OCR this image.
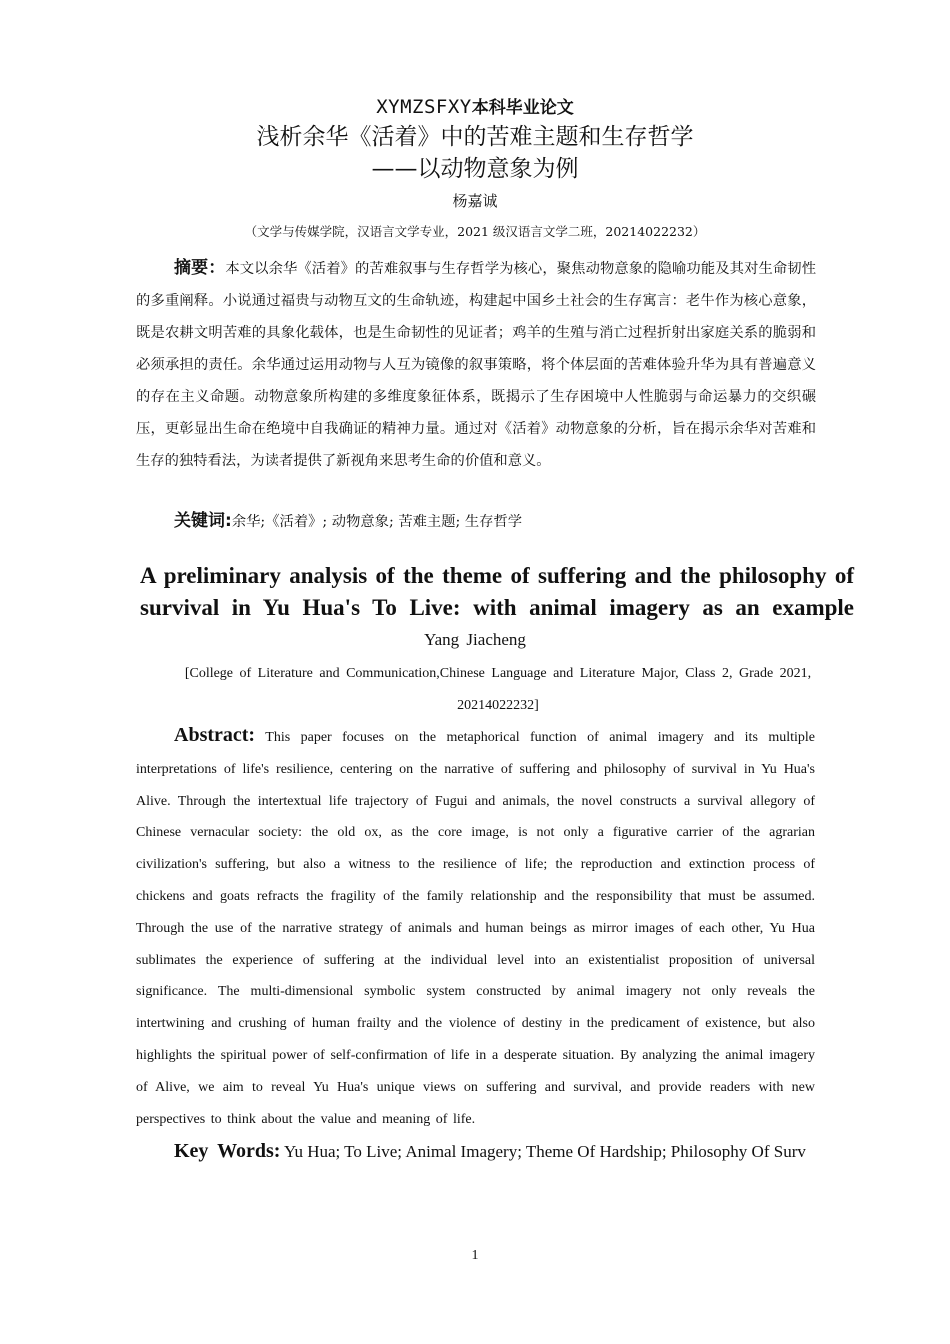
XYMZSFXY本科毕业论文
浅析余华《活着》中的苦难主题和生存哲学
——以动物意象为例
杨嘉诚
（文学与传媒学院，汉语言文学专业，2021 级汉语言文学二班，20214022232）

摘要：本文以余华《活着》的苦难叙事与生存哲学为核心，聚焦动物意象的隐喻功能及其对生命韧性的多重阐释。小说通过福贵与动物互文的生命轨迹，构建起中国乡土社会的生存寓言：老牛作为核心意象，既是农耕文明苦难的具象化载体，也是生命韧性的见证者；鸡羊的生殖与消亡过程折射出家庭关系的脆弱和必须承担的责任。余华通过运用动物与人互为镜像的叙事策略，将个体层面的苦难体验升华为具有普遍意义的存在主义命题。动物意象所构建的多维度象征体系，既揭示了生存困境中人性脆弱与命运暴力的交织碾压，更彰显出生命在绝境中自我确证的精神力量。通过对《活着》动物意象的分析，旨在揭示余华对苦难和生存的独特看法，为读者提供了新视角来思考生命的价值和意义。

关键词:余华;《活着》; 动物意象; 苦难主题; 生存哲学

A preliminary analysis of the theme of suffering and the philosophy of survival in Yu Hua's To Live: with animal imagery as an example
Yang Jiacheng
[College of Literature and Communication,Chinese Language and Literature Major, Class 2, Grade 2021, 20214022232]

Abstract: This paper focuses on the metaphorical function of animal imagery and its multiple interpretations of life's resilience, centering on the narrative of suffering and philosophy of survival in Yu Hua's Alive. Through the intertextual life trajectory of Fugui and animals, the novel constructs a survival allegory of Chinese vernacular society: the old ox, as the core image, is not only a figurative carrier of the agrarian civilization's suffering, but also a witness to the resilience of life; the reproduction and extinction process of chickens and goats refracts the fragility of the family relationship and the responsibility that must be assumed. Through the use of the narrative strategy of animals and human beings as mirror images of each other, Yu Hua sublimates the experience of suffering at the individual level into an existentialist proposition of universal significance. The multi-dimensional symbolic system constructed by animal imagery not only reveals the intertwining and crushing of human frailty and the violence of destiny in the predicament of existence, but also highlights the spiritual power of self-confirmation of life in a desperate situation. By analyzing the animal imagery of Alive, we aim to reveal Yu Hua's unique views on suffering and survival, and provide readers with new perspectives to think about the value and meaning of life.

Key Words: Yu Hua; To Live; Animal Imagery; Theme Of Hardship; Philosophy Of Surv

1
